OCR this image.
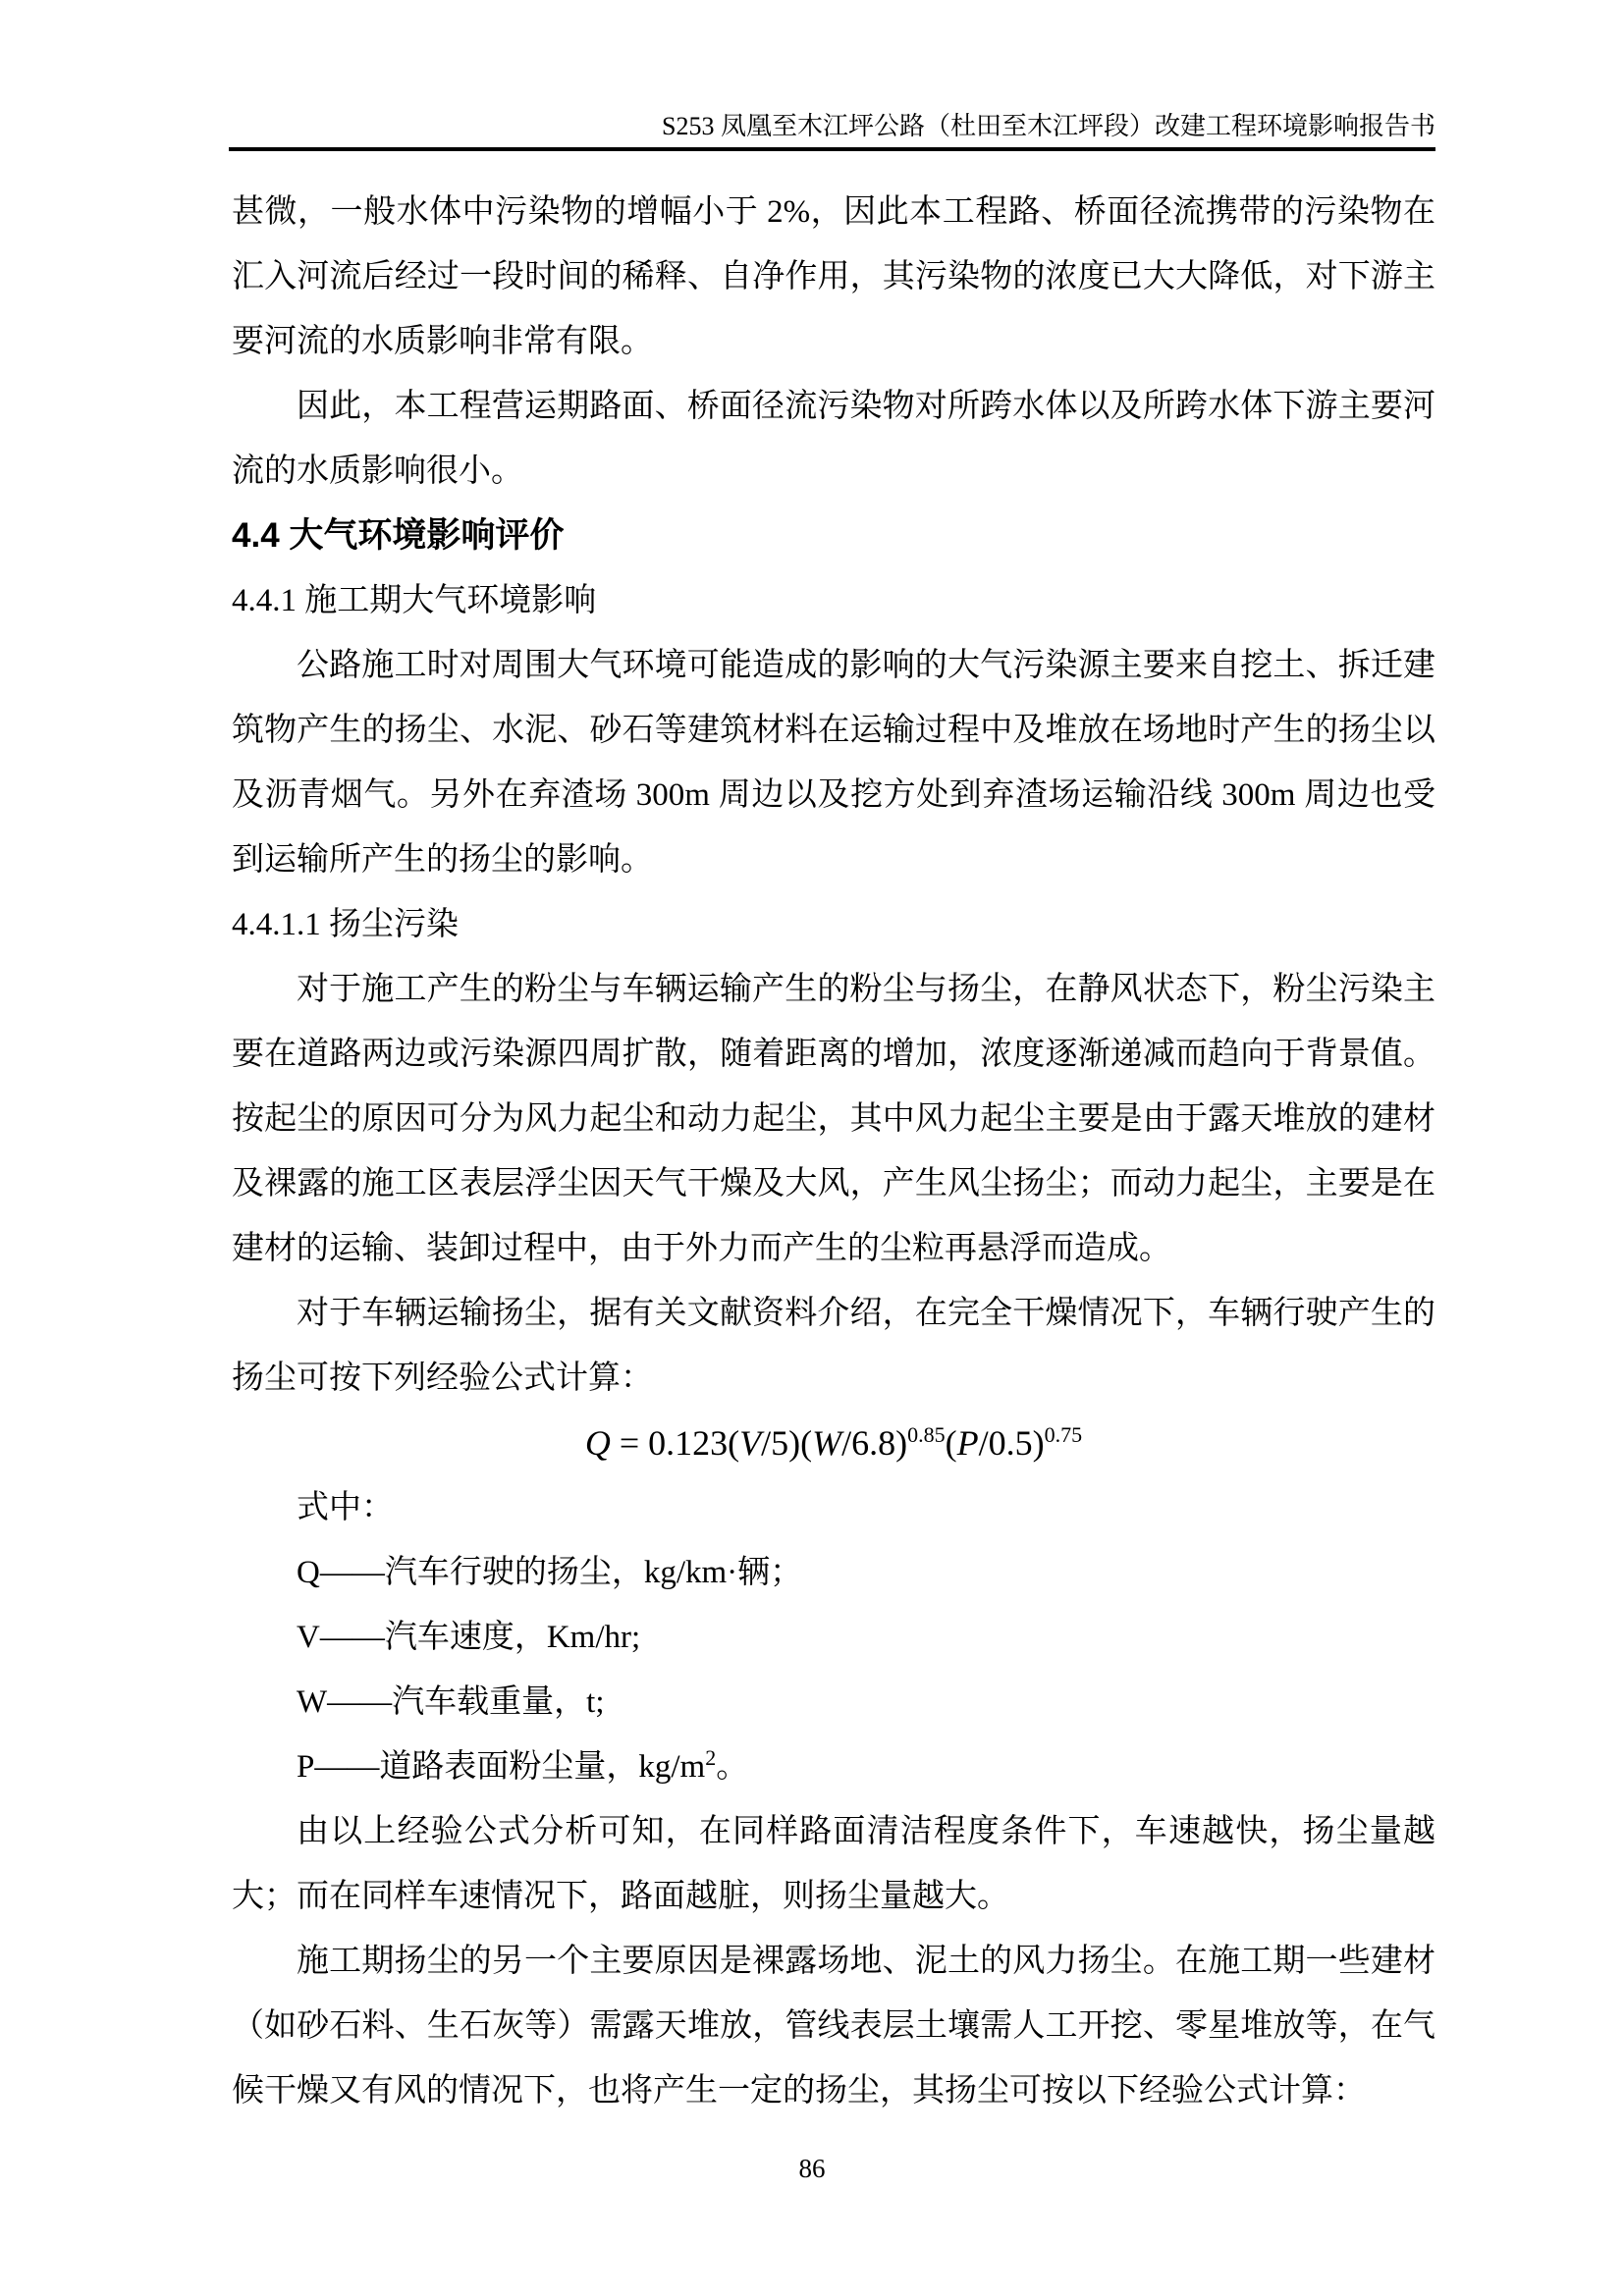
S253 凤凰至木江坪公路（杜田至木江坪段）改建工程环境影响报告书

甚微，一般水体中污染物的增幅小于 2%，因此本工程路、桥面径流携带的污染物在汇入河流后经过一段时间的稀释、自净作用，其污染物的浓度已大大降低，对下游主要河流的水质影响非常有限。

因此，本工程营运期路面、桥面径流污染物对所跨水体以及所跨水体下游主要河流的水质影响很小。

4.4 大气环境影响评价
4.4.1 施工期大气环境影响

公路施工时对周围大气环境可能造成的影响的大气污染源主要来自挖土、拆迁建筑物产生的扬尘、水泥、砂石等建筑材料在运输过程中及堆放在场地时产生的扬尘以及沥青烟气。另外在弃渣场 300m 周边以及挖方处到弃渣场运输沿线 300m 周边也受到运输所产生的扬尘的影响。

4.4.1.1 扬尘污染

对于施工产生的粉尘与车辆运输产生的粉尘与扬尘，在静风状态下，粉尘污染主要在道路两边或污染源四周扩散，随着距离的增加，浓度逐渐递减而趋向于背景值。按起尘的原因可分为风力起尘和动力起尘，其中风力起尘主要是由于露天堆放的建材及裸露的施工区表层浮尘因天气干燥及大风，产生风尘扬尘；而动力起尘，主要是在建材的运输、装卸过程中，由于外力而产生的尘粒再悬浮而造成。

对于车辆运输扬尘，据有关文献资料介绍，在完全干燥情况下，车辆行驶产生的扬尘可按下列经验公式计算：

$Q = 0.123(V/5)(W/6.8)^{0.85}(P/0.5)^{0.75}$

式中：

Q——汽车行驶的扬尘，kg/km·辆；
V——汽车速度，Km/hr;
W——汽车载重量，t;
P——道路表面粉尘量，$kg/m^2$。

由以上经验公式分析可知，在同样路面清洁程度条件下，车速越快，扬尘量越大；而在同样车速情况下，路面越脏，则扬尘量越大。

施工期扬尘的另一个主要原因是裸露场地、泥土的风力扬尘。在施工期一些建材（如砂石料、生石灰等）需露天堆放，管线表层土壤需人工开挖、零星堆放等，在气候干燥又有风的情况下，也将产生一定的扬尘，其扬尘可按以下经验公式计算：

86
